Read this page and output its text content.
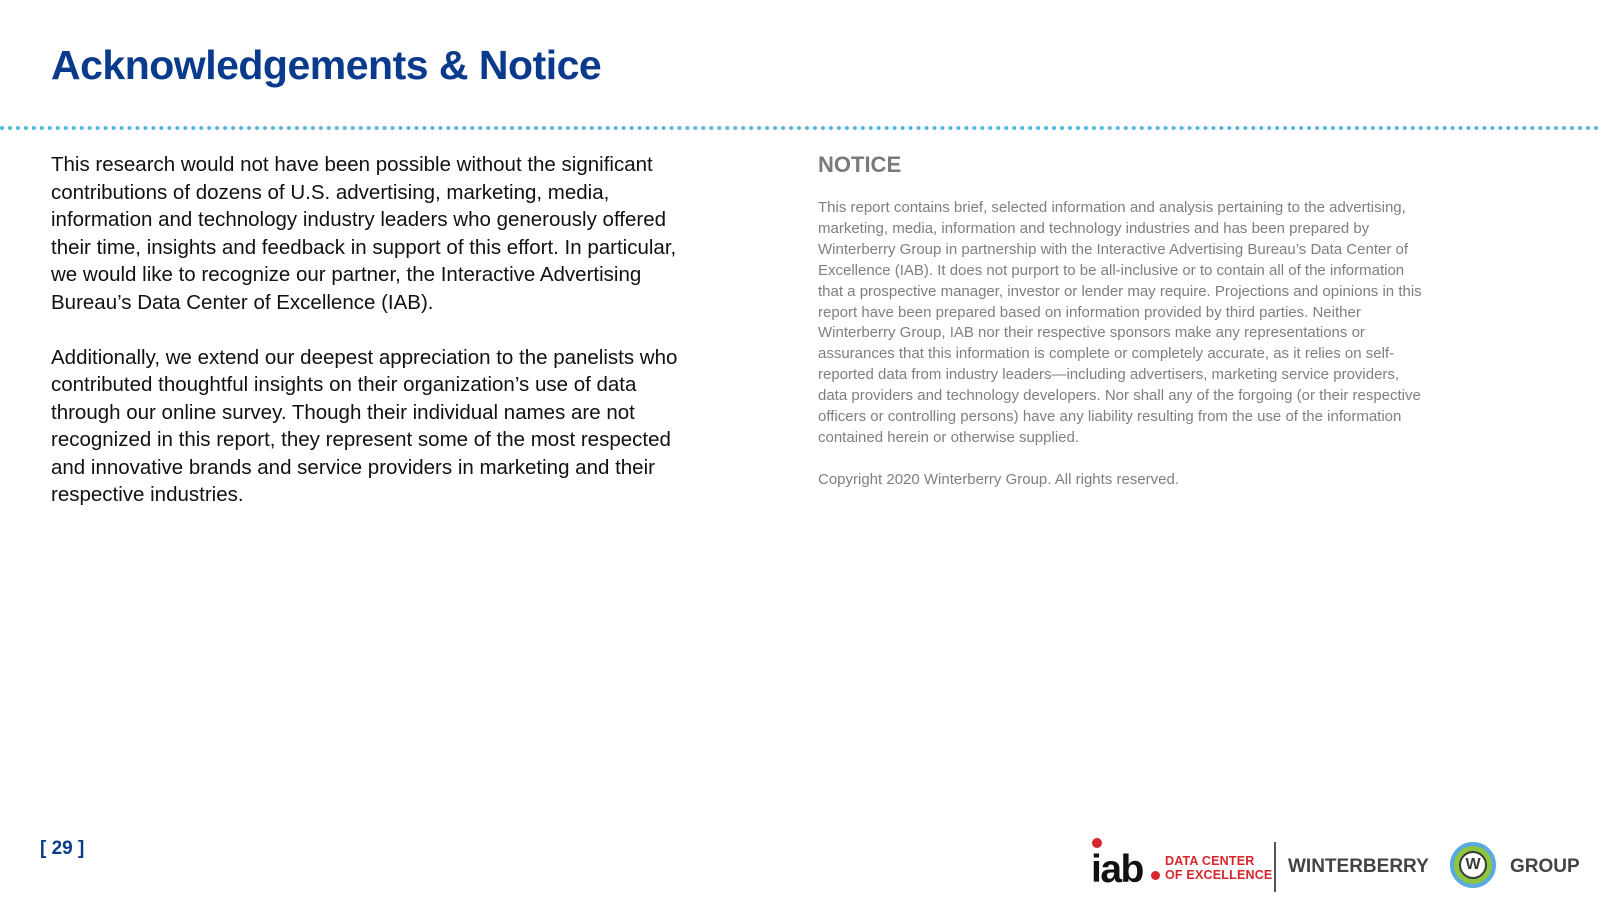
Acknowledgements & Notice

This research would not have been possible without the significant contributions of dozens of U.S. advertising, marketing, media, information and technology industry leaders who generously offered their time, insights and feedback in support of this effort. In particular, we would like to recognize our partner, the Interactive Advertising Bureau’s Data Center of Excellence (IAB).

Additionally, we extend our deepest appreciation to the panelists who contributed thoughtful insights on their organization’s use of data through our online survey. Though their individual names are not recognized in this report, they represent some of the most respected and innovative brands and service providers in marketing and their respective industries.

NOTICE

This report contains brief, selected information and analysis pertaining to the advertising, marketing, media, information and technology industries and has been prepared by Winterberry Group in partnership with the Interactive Advertising Bureau’s Data Center of Excellence (IAB). It does not purport to be all-inclusive or to contain all of the information that a prospective manager, investor or lender may require. Projections and opinions in this report have been prepared based on information provided by third parties. Neither Winterberry Group, IAB nor their respective sponsors make any representations or assurances that this information is complete or completely accurate, as it relies on self-reported data from industry leaders—including advertisers, marketing service providers, data providers and technology developers. Nor shall any of the forgoing (or their respective officers or controlling persons) have any liability resulting from the use of the information contained herein or otherwise supplied.

Copyright 2020 Winterberry Group. All rights reserved.

[ 29 ]	iab DATA CENTER
OF EXCELLENCE WINTERBERRY	W	GROUP
